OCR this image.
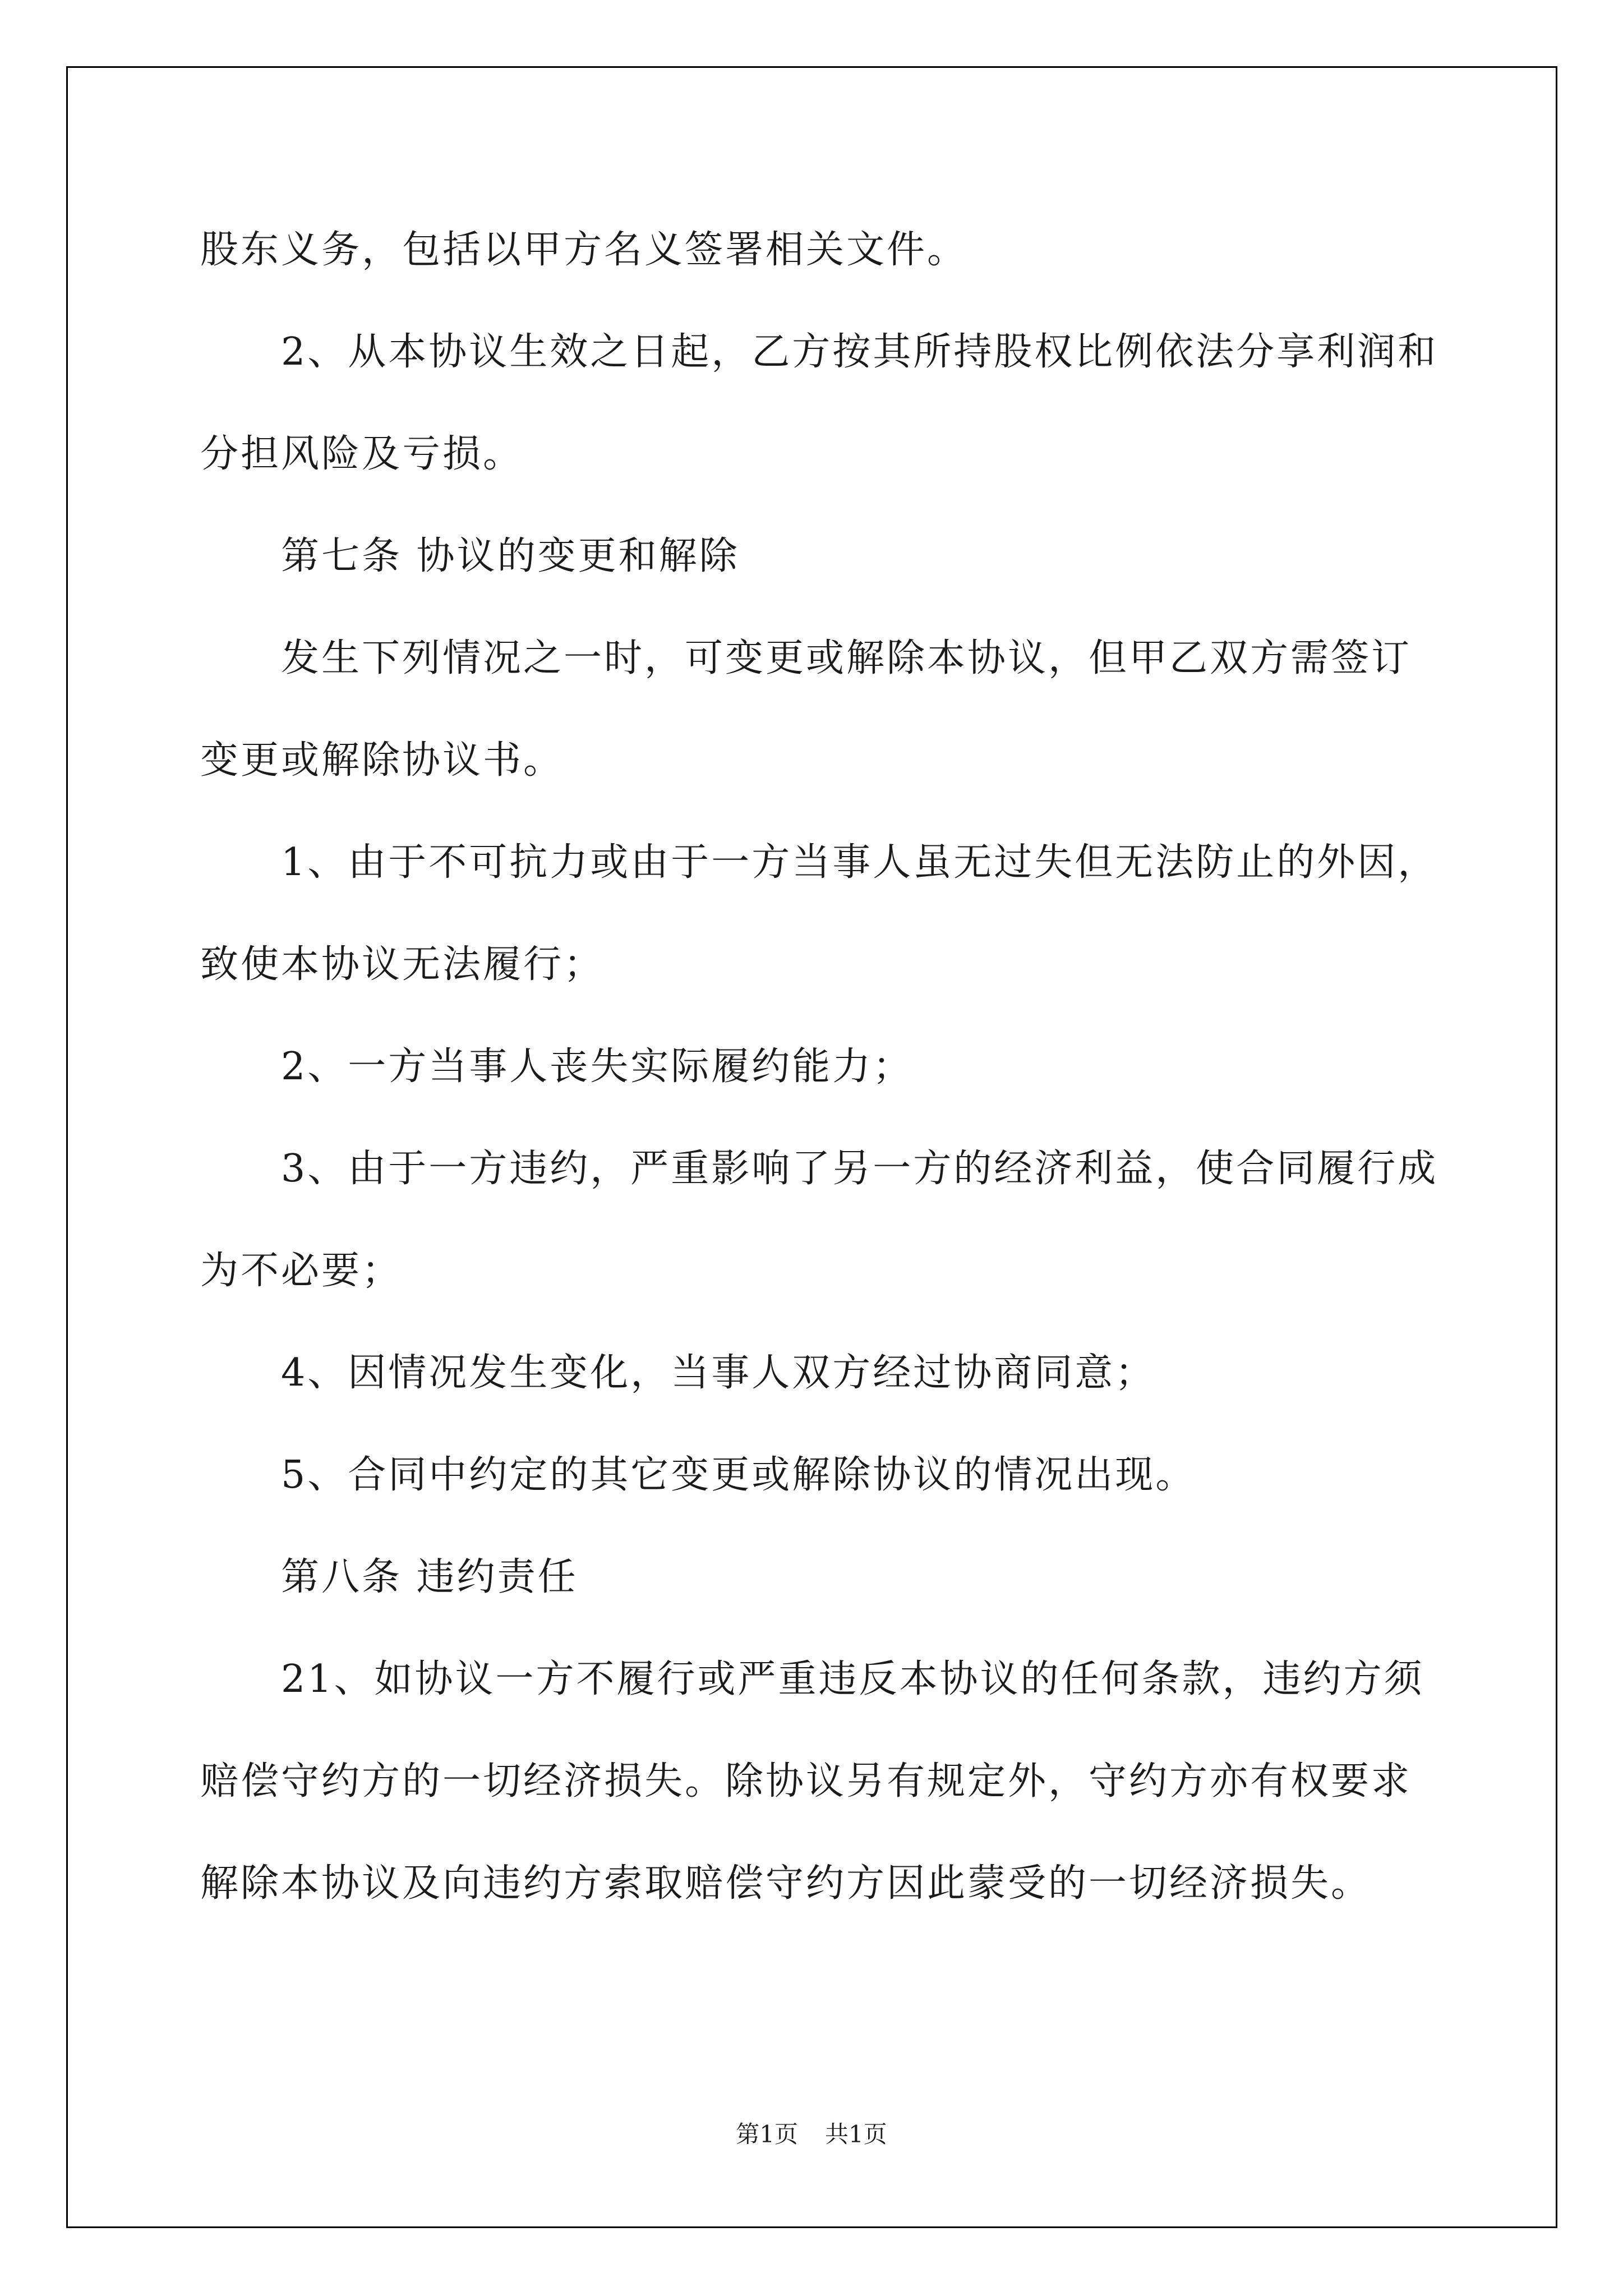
股东义务，包括以甲方名义签署相关文件。
2、从本协议生效之日起，乙方按其所持股权比例依法分享利润和
分担风险及亏损。
第七条 协议的变更和解除
发生下列情况之一时，可变更或解除本协议，但甲乙双方需签订
变更或解除协议书。
1、由于不可抗力或由于一方当事人虽无过失但无法防止的外因，
致使本协议无法履行；
2、一方当事人丧失实际履约能力；
3、由于一方违约，严重影响了另一方的经济利益，使合同履行成
为不必要；
4、因情况发生变化，当事人双方经过协商同意；
5、合同中约定的其它变更或解除协议的情况出现。
第八条 违约责任
21、如协议一方不履行或严重违反本协议的任何条款，违约方须
赔偿守约方的一切经济损失。除协议另有规定外，守约方亦有权要求
解除本协议及向违约方索取赔偿守约方因此蒙受的一切经济损失。
第1页 共1页
